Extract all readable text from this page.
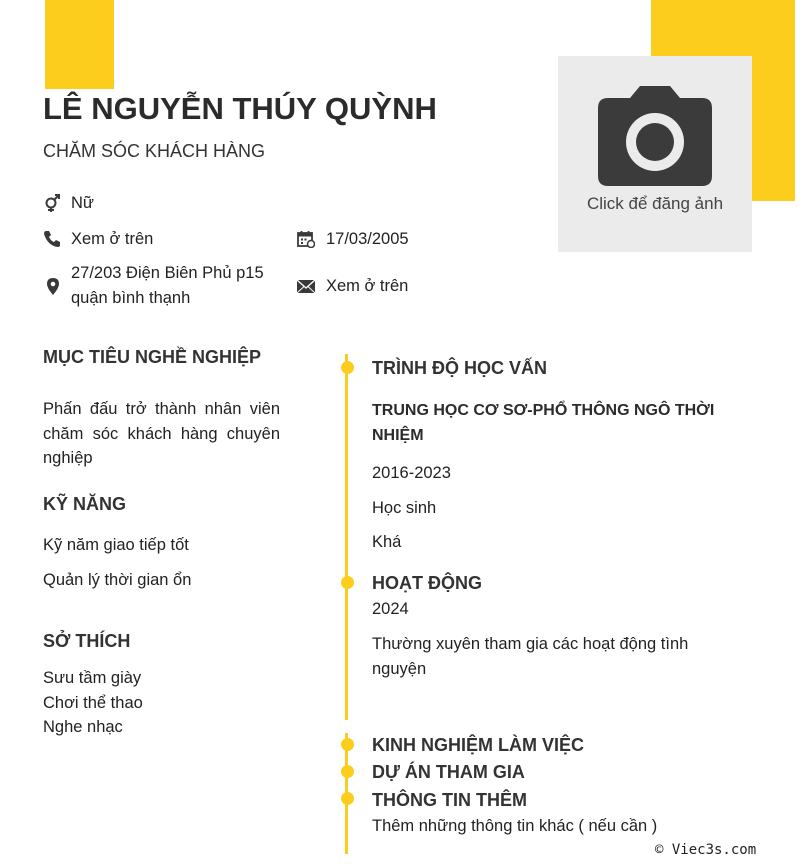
Click để đăng ảnh
LÊ NGUYỄN THÚY QUỲNH
CHĂM SÓC KHÁCH HÀNG
Nữ
Xem ở trên	17/03/2005
27/203 Điện Biên Phủ p15
quận bình thạnh
Xem ở trên
MỤC TIÊU NGHỀ NGHIỆP
Phấn đấu trở thành nhân viên chăm sóc khách hàng chuyên nghiệp
KỸ NĂNG
Kỹ năm giao tiếp tốt
Quản lý thời gian ổn
SỞ THÍCH
Sưu tầm giày
Chơi thể thao
Nghe nhạc
TRÌNH ĐỘ HỌC VẤN
TRUNG HỌC CƠ SƠ-PHỔ THÔNG NGÔ THỜI
NHIỆM
2016-2023
Học sinh
Khá
HOẠT ĐỘNG
2024
Thường xuyên tham gia các hoạt động tình
nguyện
KINH NGHIỆM LÀM VIỆC
DỰ ÁN THAM GIA
THÔNG TIN THÊM
Thêm những thông tin khác ( nếu cần )
© Viec3s.com
